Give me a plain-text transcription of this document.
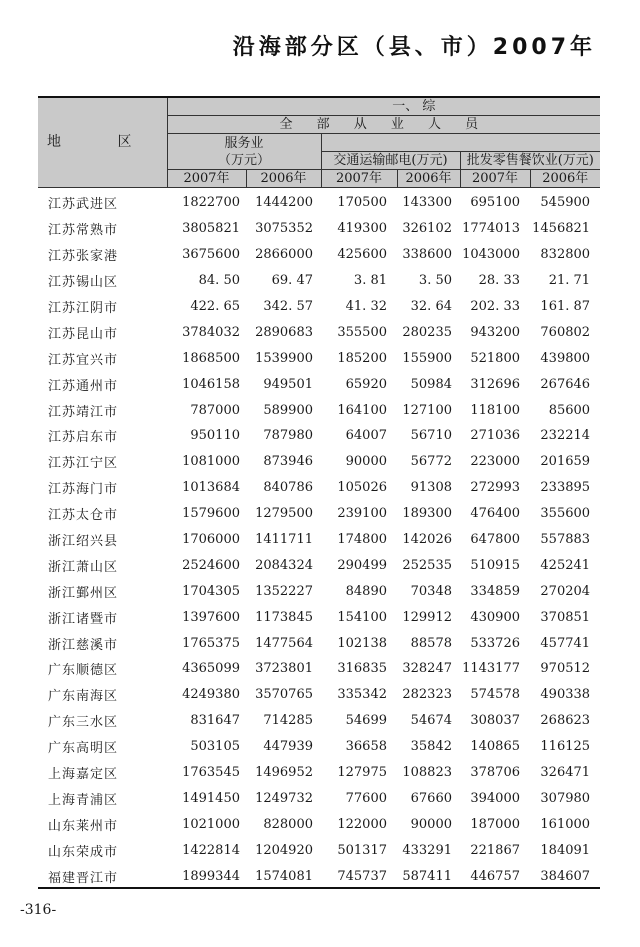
沿海部分区（县、市）2007年
地 区	一、 综					
	全 部 从 业 人 员					

	服务业
（万元）					

			交通运输邮电(万元)		批发零售餐饮业(万元)	
	2007年	2006年	2007年	2006年	2007年	2006年
江苏武进区	1822700	1444200	170500	143300	695100	545900
江苏常熟市	3805821	3075352	419300	326102	1774013	1456821
江苏张家港	3675600	2866000	425600	338600	1043000	832800
江苏锡山区	84. 50	69. 47	3. 81	3. 50	28. 33	21. 71
江苏江阴市	422. 65	342. 57	41. 32	32. 64	202. 33	161. 87
江苏昆山市	3784032	2890683	355500	280235	943200	760802
江苏宜兴市	1868500	1539900	185200	155900	521800	439800
江苏通州市	1046158	949501	65920	50984	312696	267646
江苏靖江市	787000	589900	164100	127100	118100	85600
江苏启东市	950110	787980	64007	56710	271036	232214
江苏江宁区	1081000	873946	90000	56772	223000	201659
江苏海门市	1013684	840786	105026	91308	272993	233895
江苏太仓市	1579600	1279500	239100	189300	476400	355600
浙江绍兴县	1706000	1411711	174800	142026	647800	557883
浙江萧山区	2524600	2084324	290499	252535	510915	425241
浙江鄞州区	1704305	1352227	84890	70348	334859	270204
浙江诸暨市	1397600	1173845	154100	129912	430900	370851
浙江慈溪市	1765375	1477564	102138	88578	533726	457741
广东顺德区	4365099	3723801	316835	328247	1143177	970512
广东南海区	4249380	3570765	335342	282323	574578	490338
广东三水区	831647	714285	54699	54674	308037	268623
广东高明区	503105	447939	36658	35842	140865	116125
上海嘉定区	1763545	1496952	127975	108823	378706	326471
上海青浦区	1491450	1249732	77600	67660	394000	307980
山东莱州市	1021000	828000	122000	90000	187000	161000
山东荣成市	1422814	1204920	501317	433291	221867	184091
福建晋江市	1899344	1574081	745737	587411	446757	384607
-316-
